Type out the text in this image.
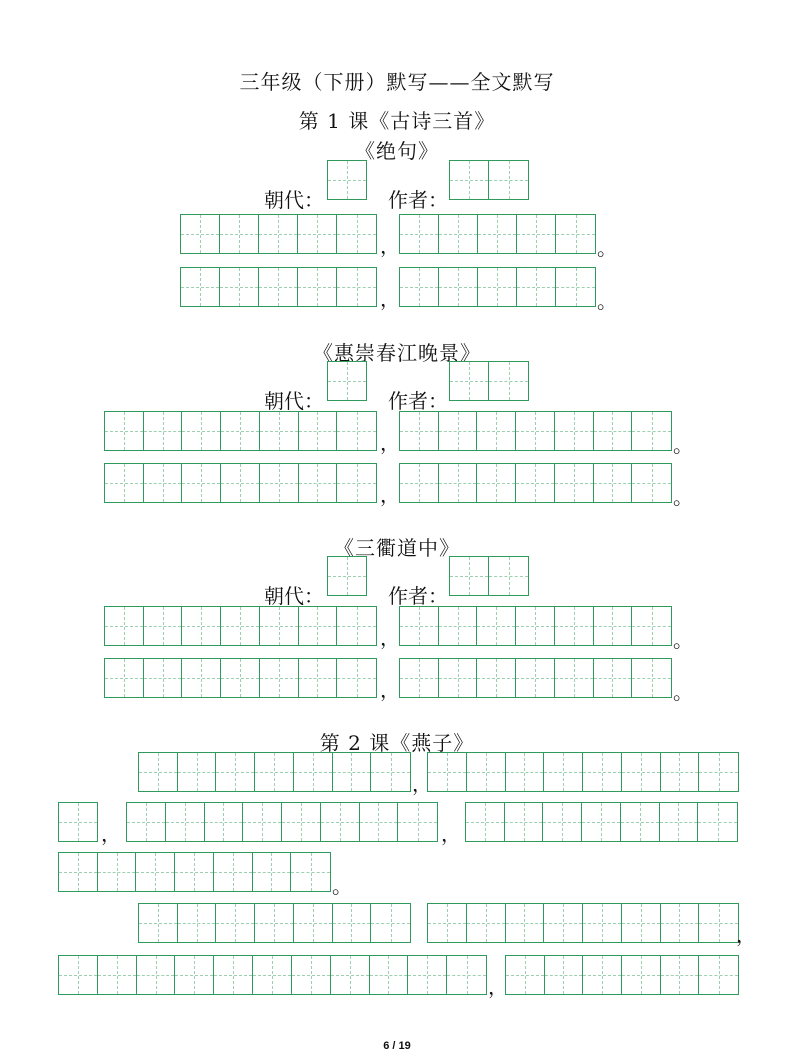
三年级（下册）默写——全文默写
第 1 课《古诗三首》
《绝句》
朝代：	作者：
，	。
，	。
《惠崇春江晚景》
朝代：	作者：
，	。
，	。
《三衢道中》
朝代：	作者：
，	。
，	。
第 2 课《燕子》
，
，	，
。
，
，
6 / 19
